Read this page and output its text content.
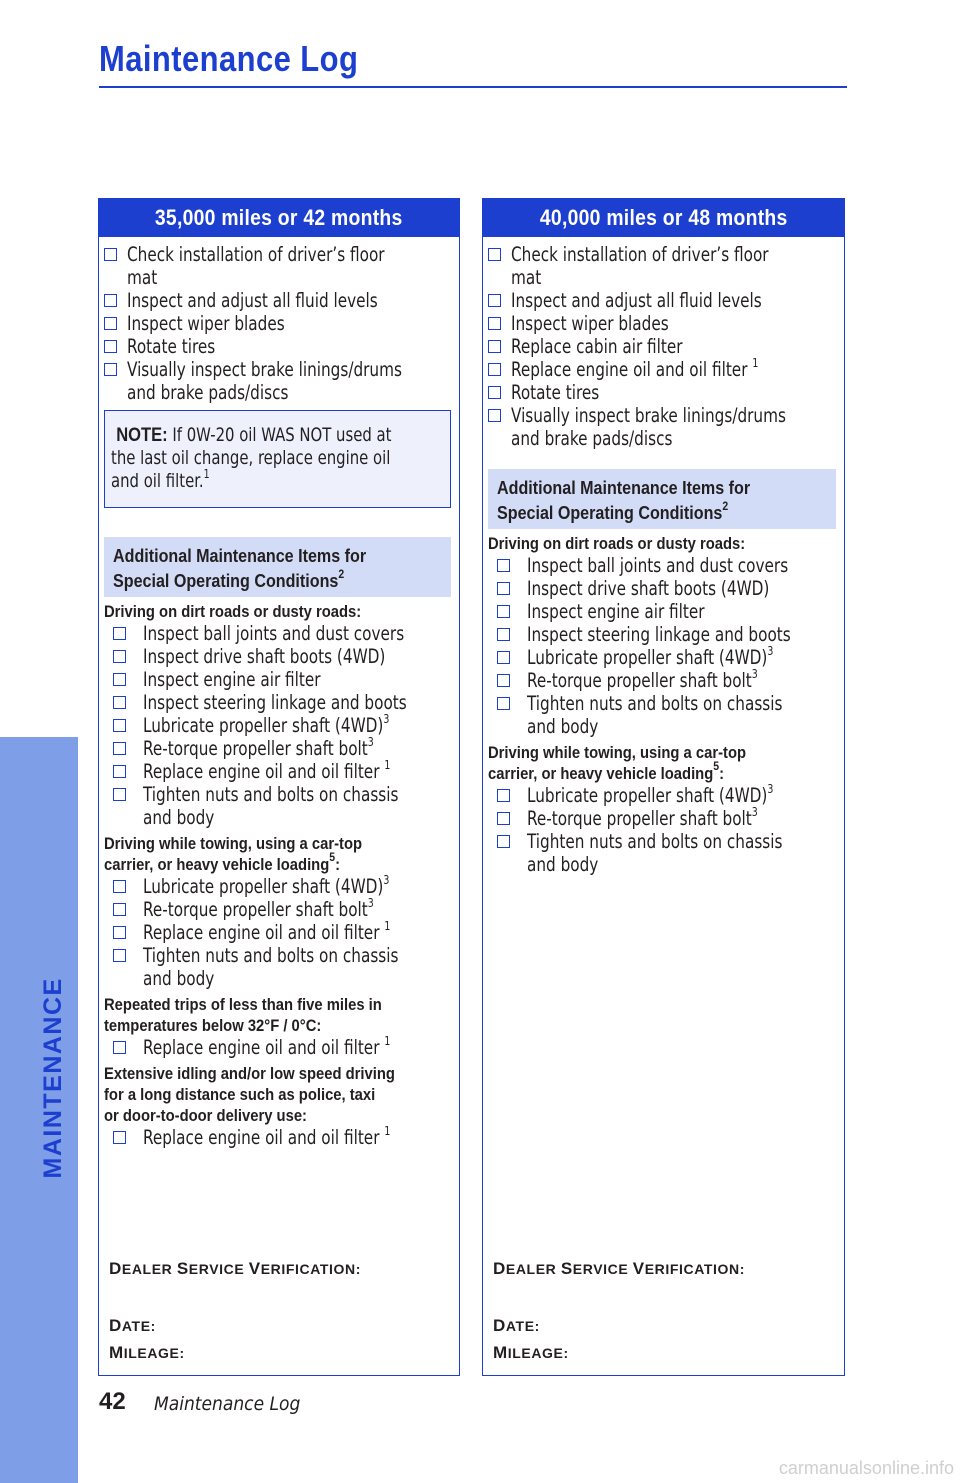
Maintenance Log
MAINTENANCE
35,000 miles or 42 months
Check installation of driver’s floor mat
Inspect and adjust all fluid levels
Inspect wiper blades
Rotate tires
Visually inspect brake linings/drums
and brake pads/discs
NOTE: If 0W-20 oil WAS NOT used at
the last oil change, replace engine oil
and oil filter.$^1$
Additional Maintenance Items for
Special Operating Conditions$^2$
Driving on dirt roads or dusty roads:
Inspect ball joints and dust covers
Inspect drive shaft boots (4WD)
Inspect engine air filter
Inspect steering linkage and boots
Lubricate propeller shaft $(4WD)^3$
Re-torque propeller shaft bolt$^3$
Replace engine oil and oil filter $^1$
Tighten nuts and bolts on chassis
and body
Driving while towing, using a car-top
carrier, or heavy vehicle loading$^5$:
Lubricate propeller shaft $(4WD)^3$
Re-torque propeller shaft bolt$^3$
Replace engine oil and oil filter $^1$
Tighten nuts and bolts on chassis
and body
Repeated trips of less than five miles in
temperatures below 32°F / 0°C:
Replace engine oil and oil filter $^1$
Extensive idling and/or low speed driving
for a long distance such as police, taxi
or door-to-door delivery use:
Replace engine oil and oil filter $^1$
DEALER SERVICE VERIFICATION:
DATE:
MILEAGE:
40,000 miles or 48 months
Check installation of driver’s floor mat
Inspect and adjust all fluid levels
Inspect wiper blades
Replace cabin air filter
Replace engine oil and oil filter $^1$
Rotate tires
Visually inspect brake linings/drums
and brake pads/discs
Additional Maintenance Items for
Special Operating Conditions$^2$
Driving on dirt roads or dusty roads:
Inspect ball joints and dust covers
Inspect drive shaft boots (4WD)
Inspect engine air filter
Inspect steering linkage and boots
Lubricate propeller shaft $(4WD)^3$
Re-torque propeller shaft bolt$^3$
Tighten nuts and bolts on chassis
and body
Driving while towing, using a car-top
carrier, or heavy vehicle loading$^5$:
Lubricate propeller shaft $(4WD)^3$
Re-torque propeller shaft bolt$^3$
Tighten nuts and bolts on chassis
and body
DEALER SERVICE VERIFICATION:
DATE:
MILEAGE:
42 Maintenance Log
carmanualsonline.info
